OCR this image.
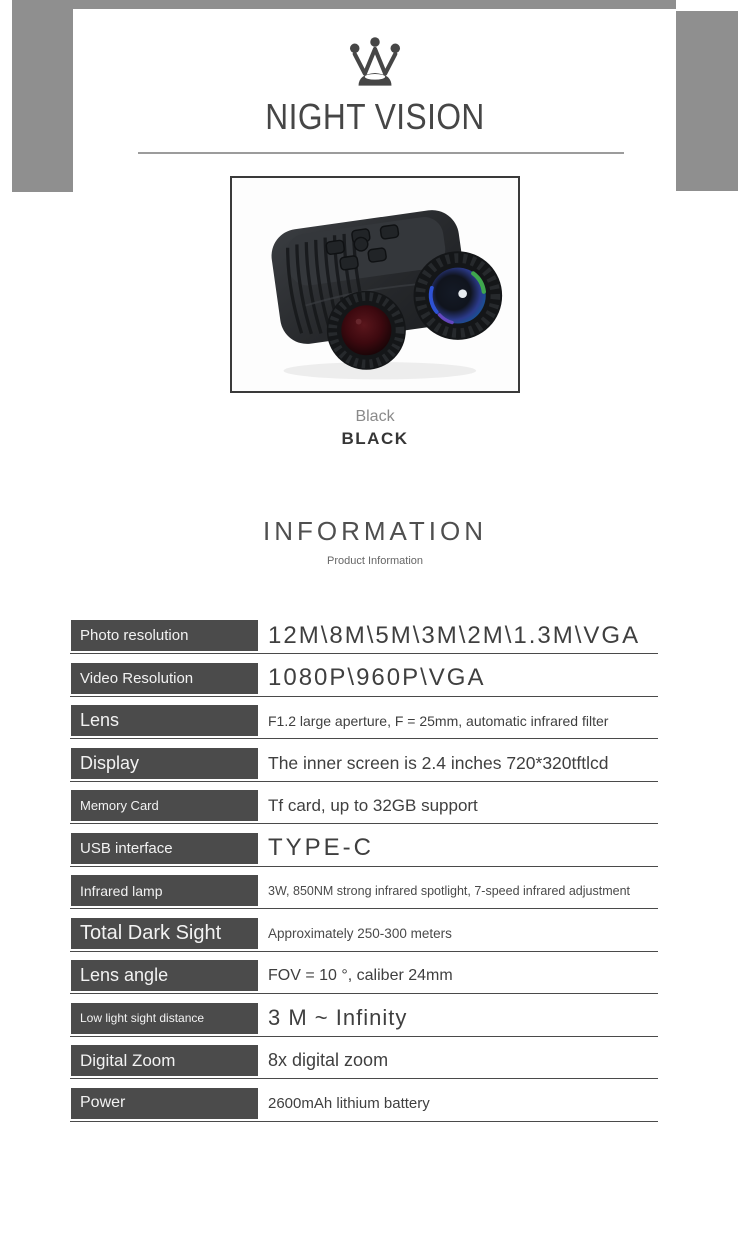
NIGHT VISION
Black
BLACK
INFORMATION
Product Information
Photo resolution	12M\8M\5M\3M\2M\1.3M\VGA
Video Resolution	1080P\960P\VGA
Lens	F1.2 large aperture, F = 25mm, automatic infrared filter
Display	The inner screen is 2.4 inches 720*320tftlcd
Memory Card	Tf card, up to 32GB support
USB interface	TYPE-C
Infrared lamp	3W, 850NM strong infrared spotlight, 7-speed infrared adjustment
Total Dark Sight	Approximately 250-300 meters
Lens angle	FOV = 10 °, caliber 24mm
Low light sight distance	3 M ~ Infinity
Digital Zoom	8x digital zoom
Power	2600mAh lithium battery
